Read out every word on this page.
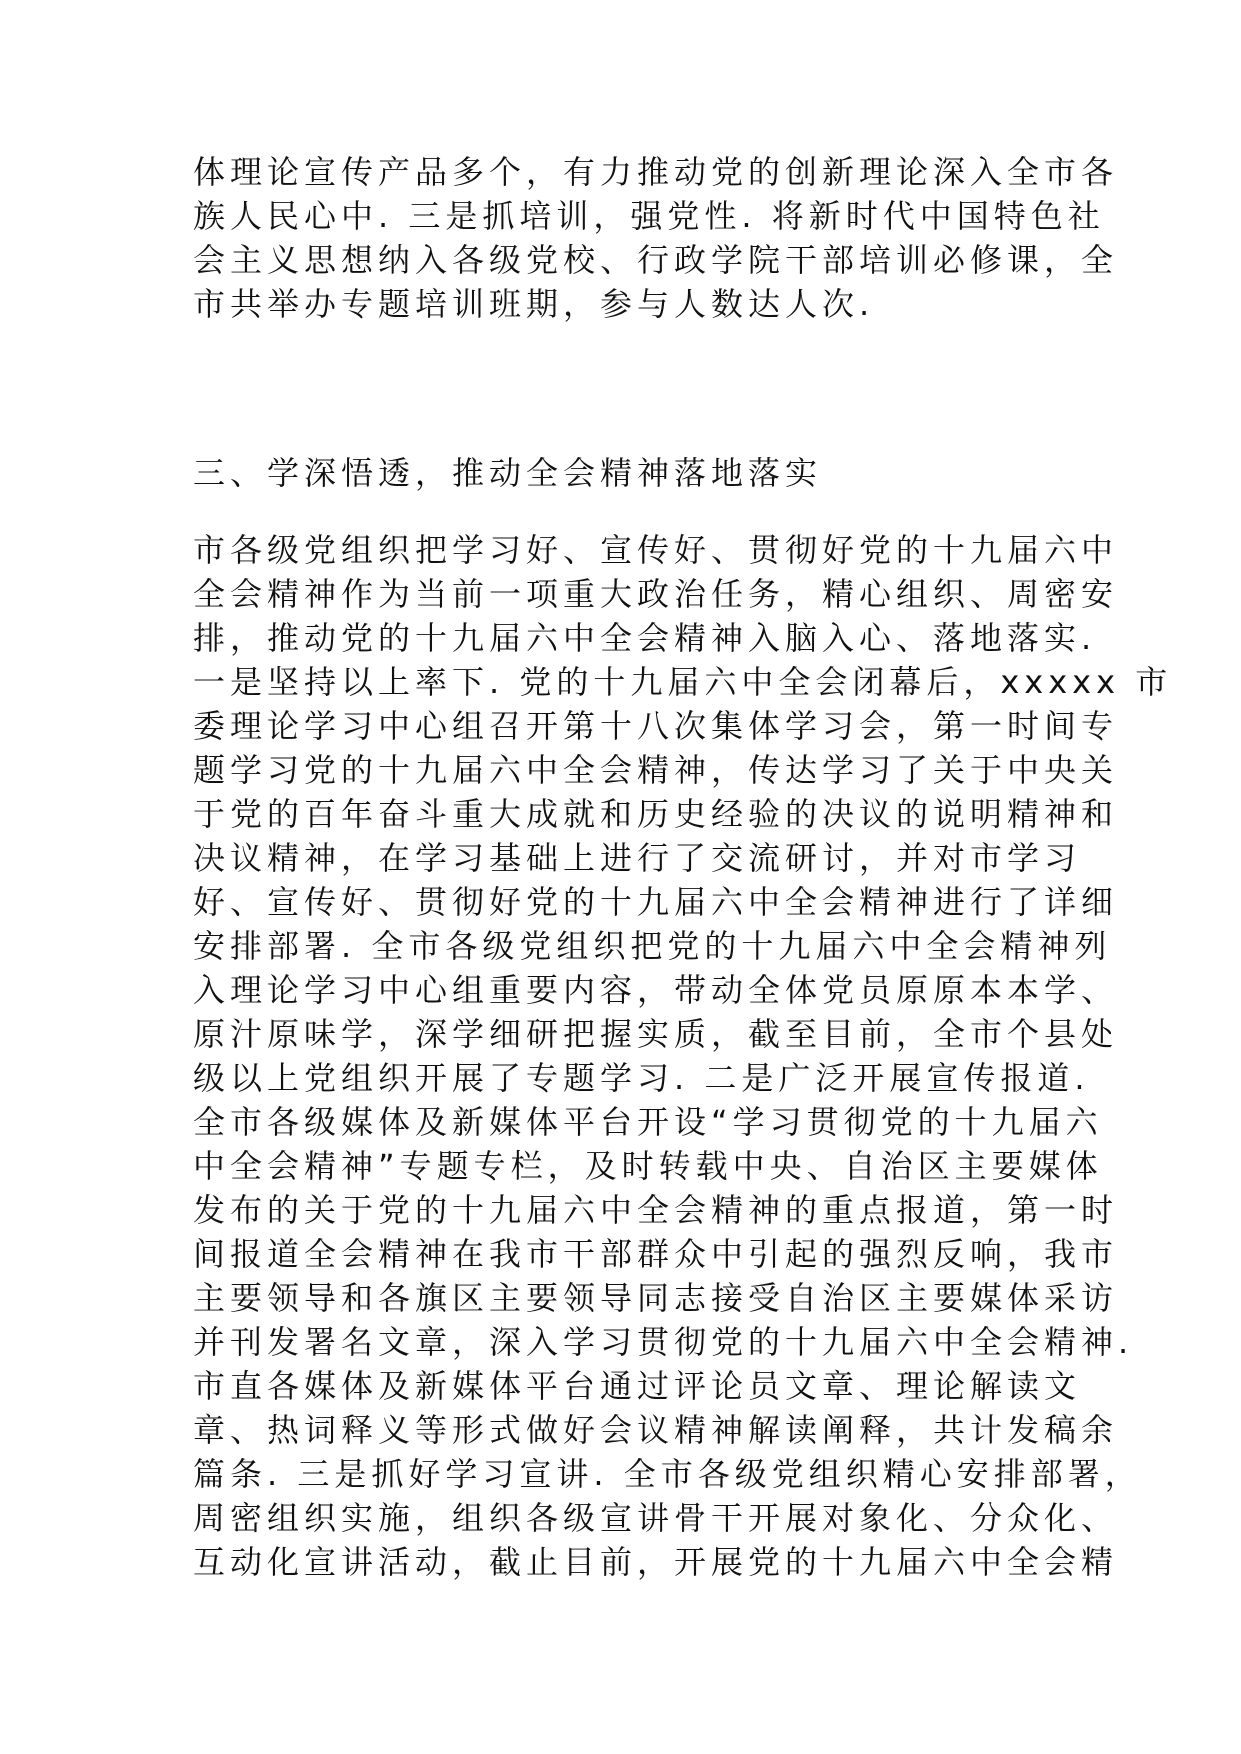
体理论宣传产品多个，有力推动党的创新理论深入全市各
族人民心中. 三是抓培训，强党性. 将新时代中国特色社
会主义思想纳入各级党校、行政学院干部培训必修课，全
市共举办专题培训班期，参与人数达人次.
三、学深悟透，推动全会精神落地落实
市各级党组织把学习好、宣传好、贯彻好党的十九届六中
全会精神作为当前一项重大政治任务，精心组织、周密安
排，推动党的十九届六中全会精神入脑入心、落地落实.
一是坚持以上率下. 党的十九届六中全会闭幕后，xxxxx 市
委理论学习中心组召开第十八次集体学习会，第一时间专
题学习党的十九届六中全会精神，传达学习了关于中央关
于党的百年奋斗重大成就和历史经验的决议的说明精神和
决议精神，在学习基础上进行了交流研讨，并对市学习
好、宣传好、贯彻好党的十九届六中全会精神进行了详细
安排部署. 全市各级党组织把党的十九届六中全会精神列
入理论学习中心组重要内容，带动全体党员原原本本学、
原汁原味学，深学细研把握实质，截至目前，全市个县处
级以上党组织开展了专题学习. 二是广泛开展宣传报道.
全市各级媒体及新媒体平台开设“学习贯彻党的十九届六
中全会精神”专题专栏，及时转载中央、自治区主要媒体
发布的关于党的十九届六中全会精神的重点报道，第一时
间报道全会精神在我市干部群众中引起的强烈反响，我市
主要领导和各旗区主要领导同志接受自治区主要媒体采访
并刊发署名文章，深入学习贯彻党的十九届六中全会精神.
市直各媒体及新媒体平台通过评论员文章、理论解读文
章、热词释义等形式做好会议精神解读阐释，共计发稿余
篇条. 三是抓好学习宣讲. 全市各级党组织精心安排部署，
周密组织实施，组织各级宣讲骨干开展对象化、分众化、
互动化宣讲活动，截止目前，开展党的十九届六中全会精
